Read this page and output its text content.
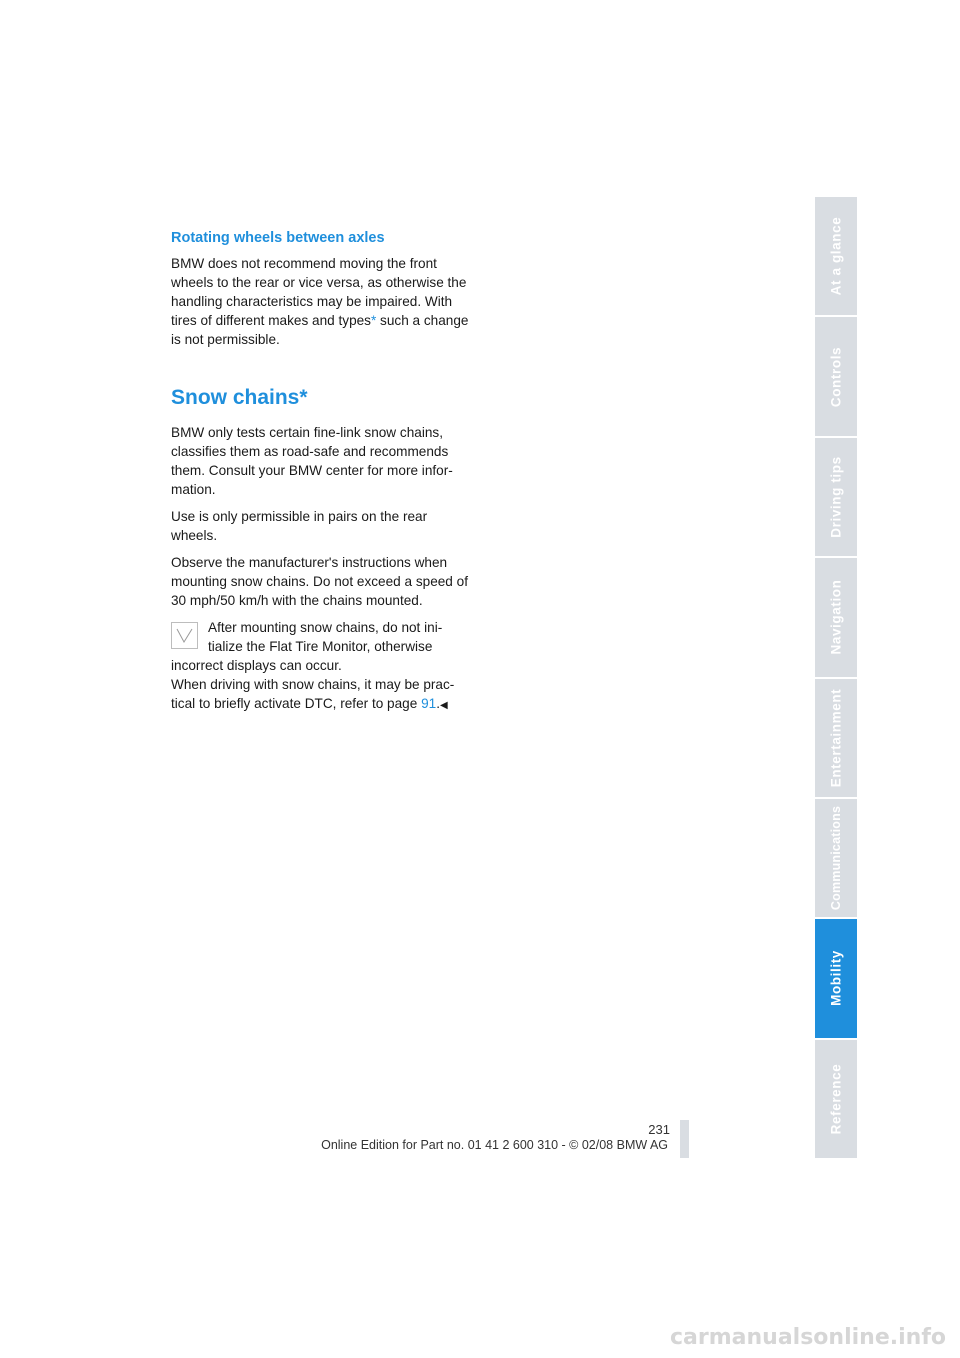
Rotating wheels between axles

BMW does not recommend moving the front wheels to the rear or vice versa, as otherwise the handling characteristics may be impaired. With tires of different makes and types* such a change is not permissible.

Snow chains*

BMW only tests certain fine-link snow chains, classifies them as road-safe and recommends them. Consult your BMW center for more infor-mation.

Use is only permissible in pairs on the rear wheels.

Observe the manufacturer's instructions when mounting snow chains. Do not exceed a speed of 30 mph/50 km/h with the chains mounted.

After mounting snow chains, do not ini-
tialize the Flat Tire Monitor, otherwise
incorrect displays can occur.
When driving with snow chains, it may be prac-
tical to briefly activate DTC, refer to page 91.◀
At a glance
Controls
Driving tips
Navigation
Entertainment
Communications
Mobility
Reference
231
Online Edition for Part no. 01 41 2 600 310 - © 02/08 BMW AG
carmanualsonline.info
